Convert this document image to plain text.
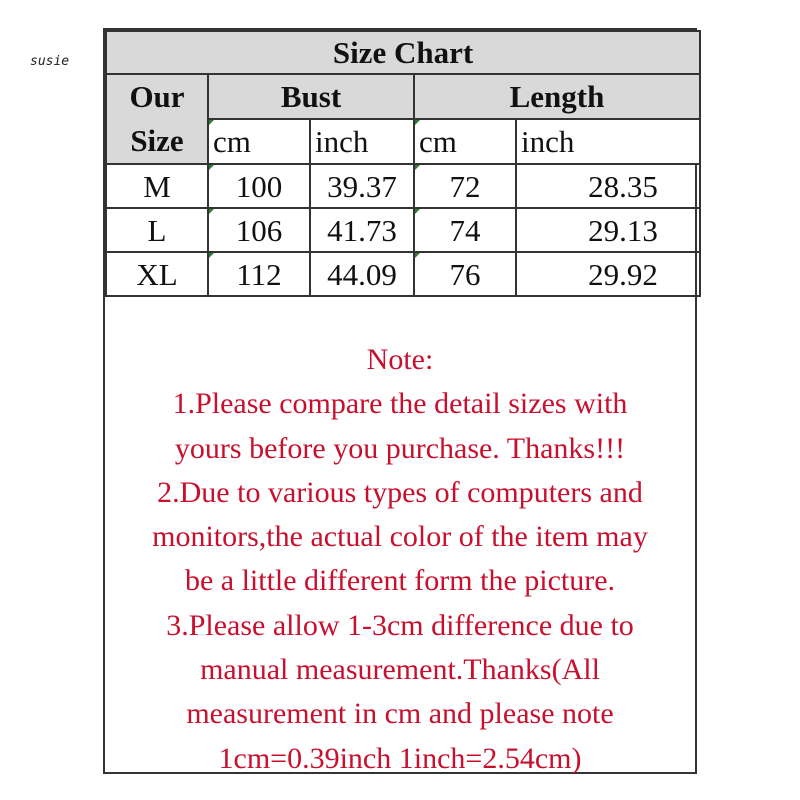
susie	Size Chart				
Our
Size	Bust		Length	
	cm	inch	cm	inch
M	100	39.37	72	28.35
L	106	41.73	74	29.13
XL	112	44.09	76	29.92
Note:
1.Please compare the detail sizes with
yours before you purchase. Thanks!!!
2.Due to various types of computers and
monitors,the actual color of the item may
be a little different form the picture.
3.Please allow 1-3cm difference due to
manual measurement.Thanks(All
measurement in cm and please note
1cm=0.39inch 1inch=2.54cm)
